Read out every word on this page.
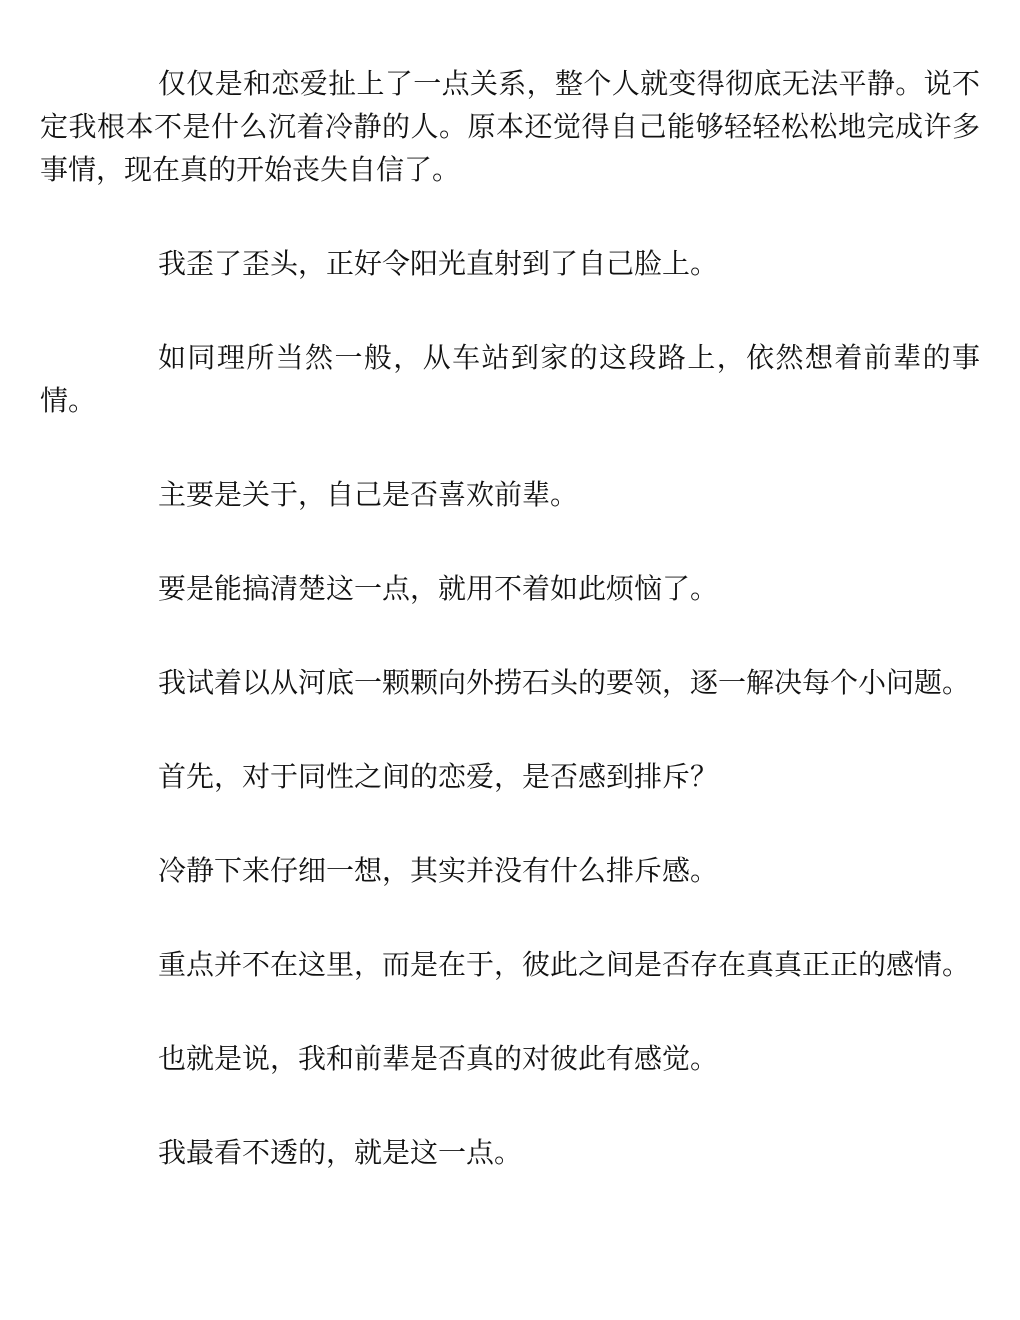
仅仅是和恋爱扯上了一点关系，整个人就变得彻底无法平静。说不定我根本不是什么沉着冷静的人。原本还觉得自己能够轻轻松松地完成许多事情，现在真的开始丧失自信了。

我歪了歪头，正好令阳光直射到了自己脸上。

如同理所当然一般，从车站到家的这段路上，依然想着前辈的事情。

主要是关于，自己是否喜欢前辈。

要是能搞清楚这一点，就用不着如此烦恼了。

我试着以从河底一颗颗向外捞石头的要领，逐一解决每个小问题。

首先，对于同性之间的恋爱，是否感到排斥？

冷静下来仔细一想，其实并没有什么排斥感。

重点并不在这里，而是在于，彼此之间是否存在真真正正的感情。

也就是说，我和前辈是否真的对彼此有感觉。

我最看不透的，就是这一点。
